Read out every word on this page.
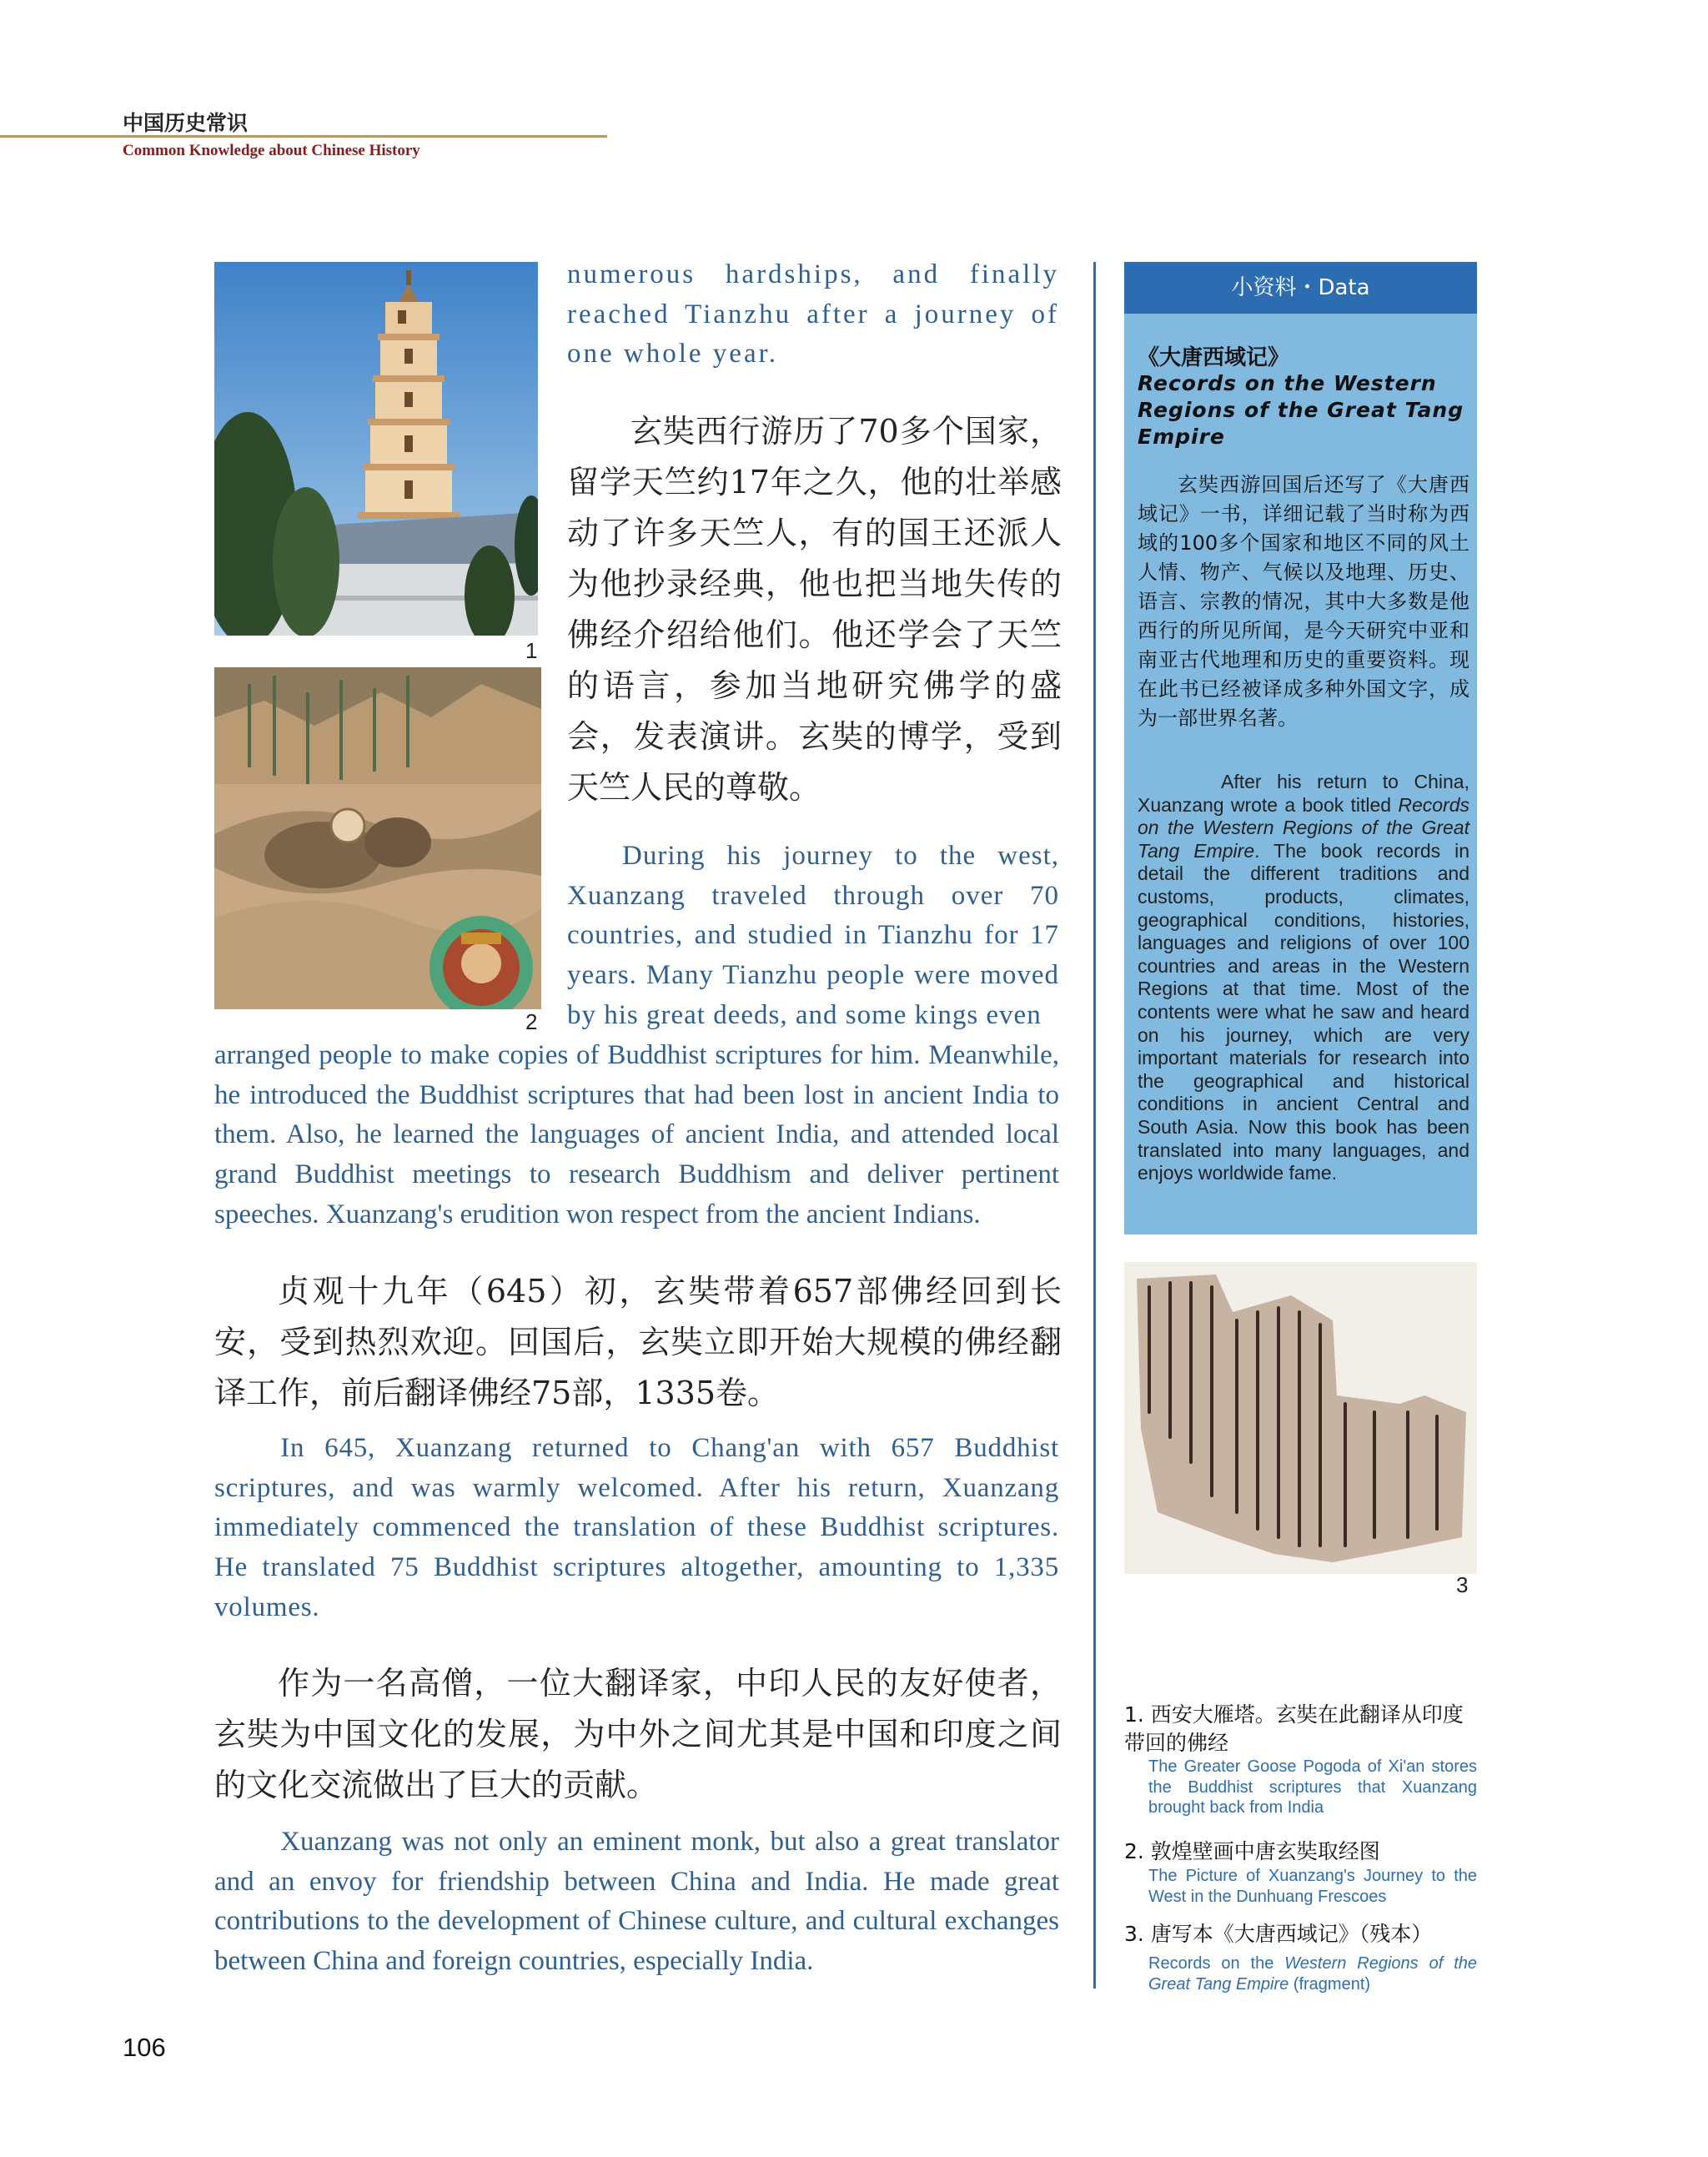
中国历史常识
Common Knowledge about Chinese History
1
2

numerous hardships, and finally reached Tianzhu after a journey of one whole year.

玄奘西行游历了70多个国家，留学天竺约17年之久，他的壮举感动了许多天竺人，有的国王还派人为他抄录经典，他也把当地失传的佛经介绍给他们。他还学会了天竺的语言，参加当地研究佛学的盛会，发表演讲。玄奘的博学，受到天竺人民的尊敬。

During his journey to the west, Xuanzang traveled through over 70 countries, and studied in Tianzhu for 17 years. Many Tianzhu people were moved by his great deeds, and some kings even

arranged people to make copies of Buddhist scriptures for him. Meanwhile, he introduced the Buddhist scriptures that had been lost in ancient India to them. Also, he learned the languages of ancient India, and attended local grand Buddhist meetings to research Buddhism and deliver pertinent speeches. Xuanzang's erudition won respect from the ancient Indians.

贞观十九年（645）初，玄奘带着657部佛经回到长安，受到热烈欢迎。回国后，玄奘立即开始大规模的佛经翻译工作，前后翻译佛经75部，1335卷。

In 645, Xuanzang returned to Chang'an with 657 Buddhist scriptures, and was warmly welcomed. After his return, Xuanzang immediately commenced the translation of these Buddhist scriptures. He translated 75 Buddhist scriptures altogether, amounting to 1,335 volumes.

作为一名高僧，一位大翻译家，中印人民的友好使者，玄奘为中国文化的发展，为中外之间尤其是中国和印度之间的文化交流做出了巨大的贡献。

Xuanzang was not only an eminent monk, but also a great translator and an envoy for friendship between China and India. He made great contributions to the development of Chinese culture, and cultural exchanges between China and foreign countries, especially India.

小资料・Data
《大唐西域记》
Records on the Western Regions of the Great Tang Empire

玄奘西游回国后还写了《大唐西域记》一书，详细记载了当时称为西域的100多个国家和地区不同的风土人情、物产、气候以及地理、历史、语言、宗教的情况，其中大多数是他西行的所见所闻，是今天研究中亚和南亚古代地理和历史的重要资料。现在此书已经被译成多种外国文字，成为一部世界名著。

After his return to China, Xuanzang wrote a book titled Records on the Western Regions of the Great Tang Empire. The book records in detail the different traditions and customs, products, climates, geographical conditions, histories, languages and religions of over 100 countries and areas in the Western Regions at that time. Most of the contents were what he saw and heard on his journey, which are very important materials for research into the geographical and historical conditions in ancient Central and South Asia. Now this book has been translated into many languages, and enjoys worldwide fame.

3
1. 西安大雁塔。玄奘在此翻译从印度带回的佛经

The Greater Goose Pogoda of Xi'an stores the Buddhist scriptures that Xuanzang brought back from India

2. 敦煌壁画中唐玄奘取经图

The Picture of Xuanzang's Journey to the West in the Dunhuang Frescoes

3. 唐写本《大唐西域记》（残本）

Records on the Western Regions of the Great Tang Empire (fragment)

106
